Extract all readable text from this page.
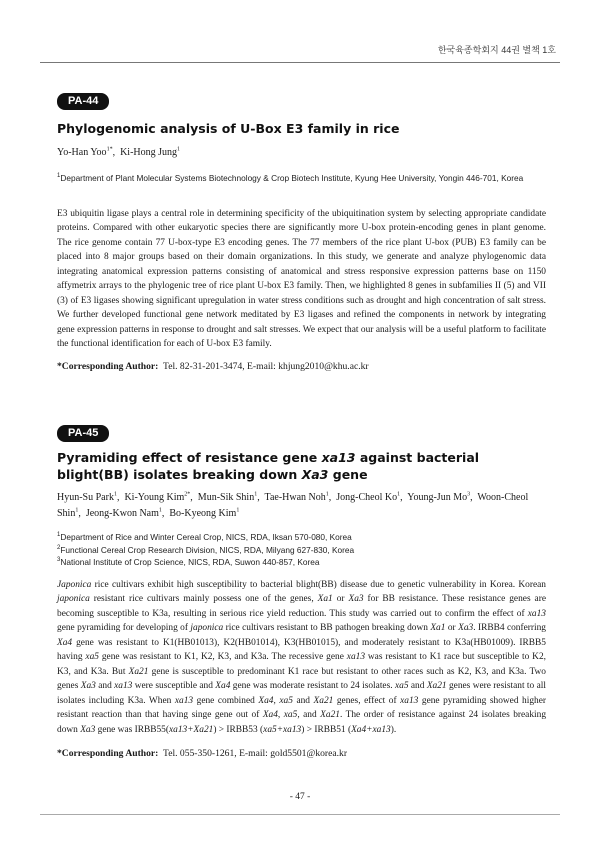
한국육종학회지 44권 별책 1호
PA-44
Phylogenomic analysis of U-Box E3 family in rice

Yo-Han Yoo$^{1*}$,  Ki-Hong Jung$^1$

$^1$Department of Plant Molecular Systems Biotechnology & Crop Biotech Institute, Kyung Hee University, Yongin 446-701, Korea

E3 ubiquitin ligase plays a central role in determining specificity of the ubiquitination system by selecting appropriate candidate proteins. Compared with other eukaryotic species there are significantly more U-box protein-encoding genes in plant genome. The rice genome contain 77 U-box-type E3 encoding genes. The 77 members of the rice plant U-box (PUB) E3 family can be placed into 8 major groups based on their domain organizations. In this study, we generate and analyze phylogenomic data integrating anatomical expression patterns consisting of anatomical and stress responsive expression patterns base on 1150 affymetrix arrays to the phylogenic tree of rice plant U-box E3 family. Then, we highlighted 8 genes in subfamilies II (5) and VII (3) of E3 ligases showing significant upregulation in water stress conditions such as drought and high concentration of salt stress. We further developed functional gene network meditated by E3 ligases and refined the components in network by integrating gene expression patterns in response to drought and salt stresses. We expect that our analysis will be a useful platform to facilitate the functional identification for each of U-box E3 family.

*Corresponding Author: Tel. 82-31-201-3474, E-mail: khjung2010@khu.ac.kr

PA-45
Pyramiding effect of resistance gene xa13 against bacterial blight(BB) isolates breaking down Xa3 gene

Hyun-Su Park$^1$,  Ki-Young Kim$^{2*}$,  Mun-Sik Shin$^1$,  Tae-Hwan Noh$^1$,  Jong-Cheol Ko$^1$,  Young-Jun Mo$^3$,  Woon-Cheol Shin$^1$,  Jeong-Kwon Nam$^1$,  Bo-Kyeong Kim$^1$

$^1$Department of Rice and Winter Cereal Crop, NICS, RDA, Iksan 570-080, Korea
$^2$Functional Cereal Crop Research Division, NICS, RDA, Milyang 627-830, Korea
$^3$National Institute of Crop Science, NICS, RDA, Suwon 440-857, Korea

Japonica rice cultivars exhibit high susceptibility to bacterial blight(BB) disease due to genetic vulnerability in Korea. Korean japonica resistant rice cultivars mainly possess one of the genes, Xa1 or Xa3 for BB resistance. These resistance genes are becoming susceptible to K3a, resulting in serious rice yield reduction. This study was carried out to confirm the effect of xa13 gene pyramiding for developing of japonica rice cultivars resistant to BB pathogen breaking down Xa1 or Xa3. IRBB4 conferring Xa4 gene was resistant to K1(HB01013), K2(HB01014), K3(HB01015), and moderately resistant to K3a(HB01009). IRBB5 having xa5 gene was resistant to K1, K2, K3, and K3a. The recessive gene xa13 was resistant to K1 race but susceptible to K2, K3, and K3a. But Xa21 gene is susceptible to predominant K1 race but resistant to other races such as K2, K3, and K3a. Two genes Xa3 and xa13 were susceptible and Xa4 gene was moderate resistant to 24 isolates. xa5 and Xa21 genes were resistant to all isolates including K3a. When xa13 gene combined Xa4, xa5 and Xa21 genes, effect of xa13 gene pyramiding showed higher resistant reaction than that having singe gene out of Xa4, xa5, and Xa21. The order of resistance against 24 isolates breaking down Xa3 gene was IRBB55(xa13+Xa21) > IRBB53 (xa5+xa13) > IRBB51 (Xa4+xa13).

*Corresponding Author: Tel. 055-350-1261, E-mail: gold5501@korea.kr

- 47 -
